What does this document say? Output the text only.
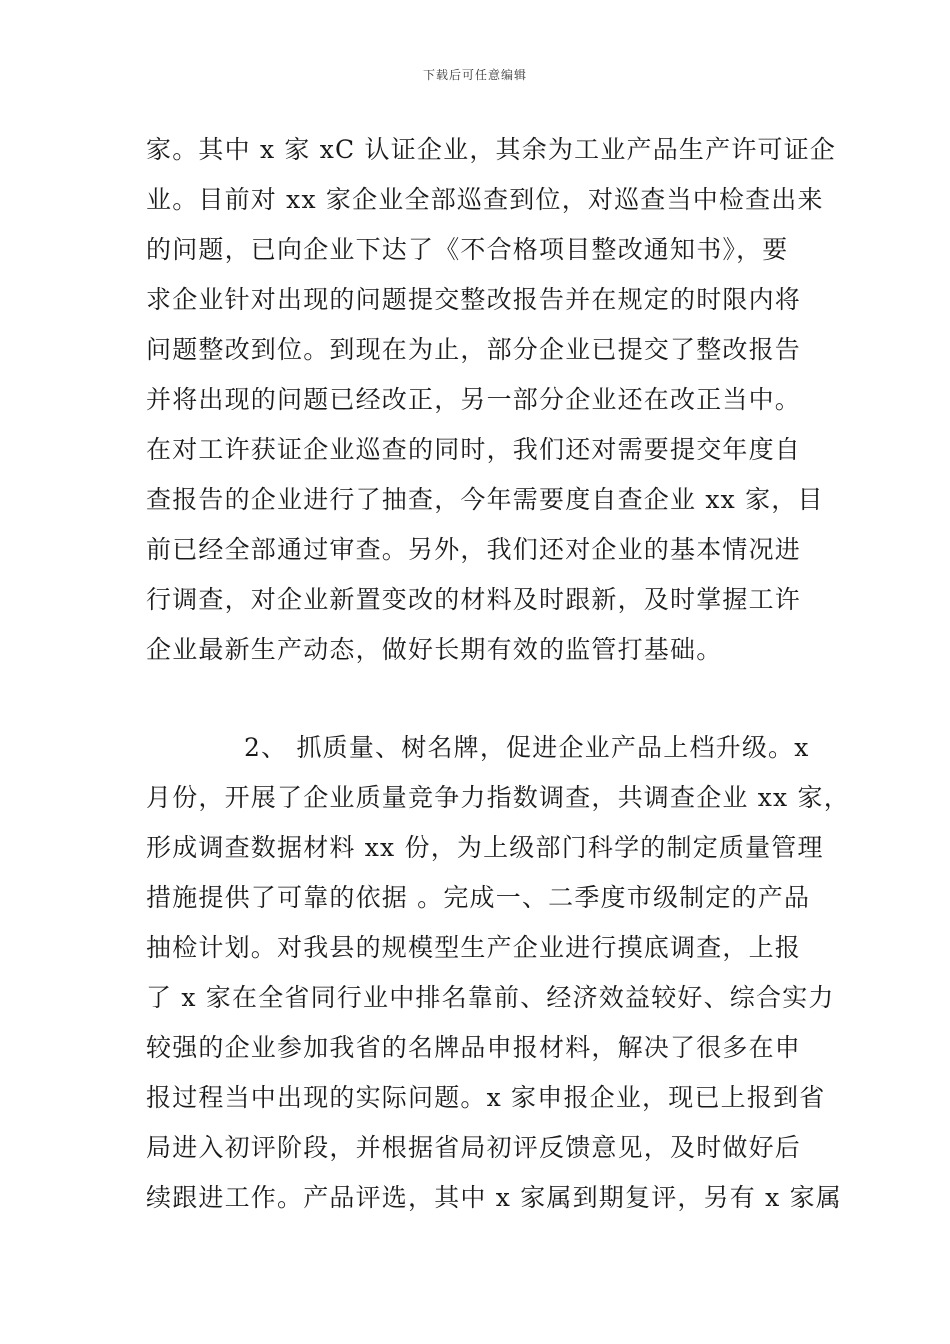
下载后可任意编辑
家。其中 x 家 xC 认证企业，其余为工业产品生产许可证企
业。目前对 xx 家企业全部巡查到位，对巡查当中检查出来
的问题，已向企业下达了《不合格项目整改通知书》，要
求企业针对出现的问题提交整改报告并在规定的时限内将
问题整改到位。到现在为止，部分企业已提交了整改报告
并将出现的问题已经改正，另一部分企业还在改正当中。
在对工许获证企业巡查的同时，我们还对需要提交年度自
查报告的企业进行了抽查，今年需要度自查企业 xx 家，目
前已经全部通过审查。另外，我们还对企业的基本情况进
行调查，对企业新置变改的材料及时跟新，及时掌握工许
企业最新生产动态，做好长期有效的监管打基础。
2、 抓质量、树名牌，促进企业产品上档升级。x
月份，开展了企业质量竞争力指数调查，共调查企业 xx 家，
形成调查数据材料 xx 份，为上级部门科学的制定质量管理
措施提供了可靠的依据 。完成一、二季度市级制定的产品
抽检计划。对我县的规模型生产企业进行摸底调查，上报
了 x 家在全省同行业中排名靠前、经济效益较好、综合实力
较强的企业参加我省的名牌品申报材料，解决了很多在申
报过程当中出现的实际问题。x 家申报企业，现已上报到省
局进入初评阶段，并根据省局初评反馈意见，及时做好后
续跟进工作。产品评选，其中 x 家属到期复评，另有 x 家属
